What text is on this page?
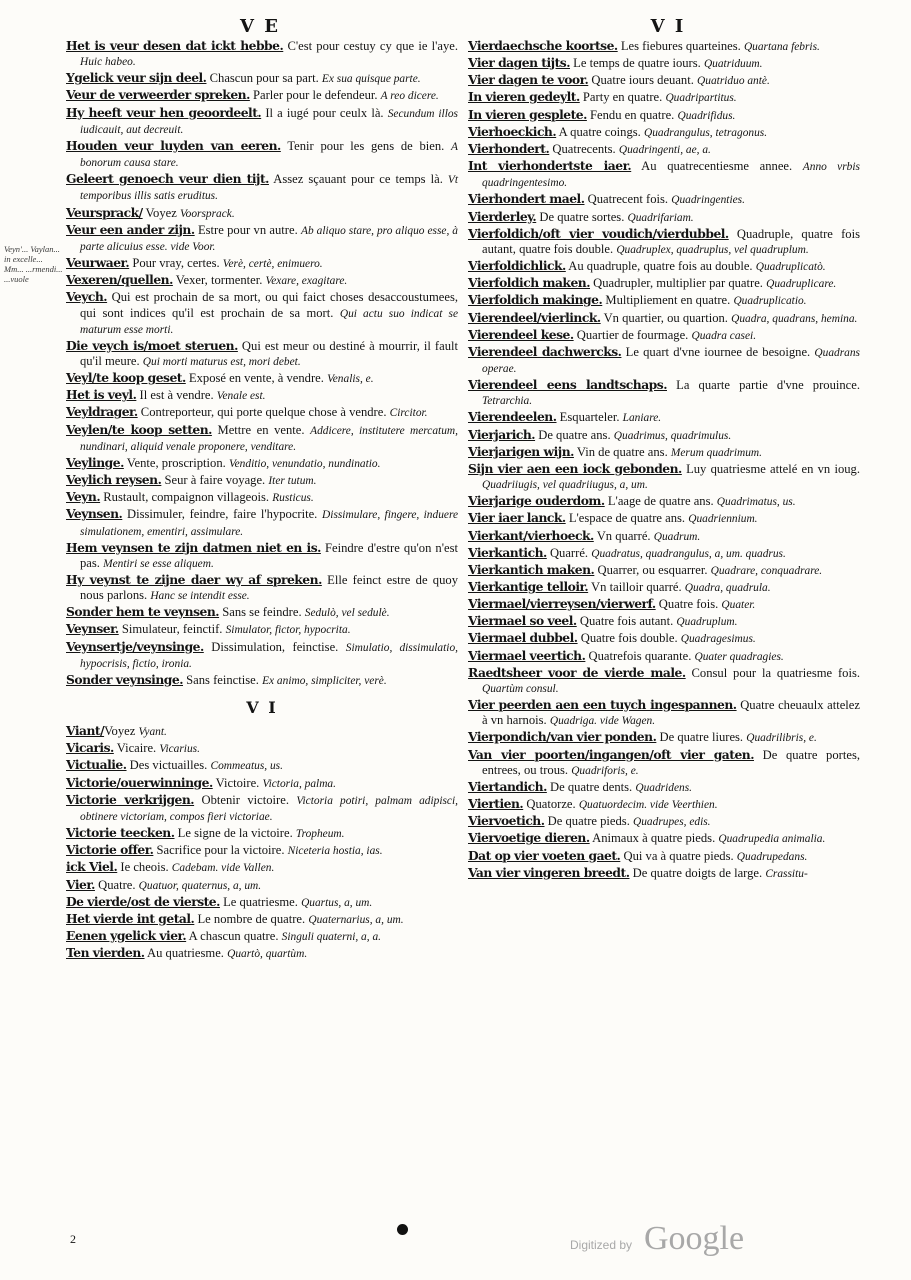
V E	V I
Veyn'... Vaylan... in excelle... Mm... ...rmendi... ...vuole

Het is veur desen dat ickt hebbe. C'est pour cestuy cy que ie l'aye. Huic habeo.

Ygelick veur sijn deel. Chascun pour sa part. Ex sua quisque parte.

Veur de verweerder spreken. Parler pour le defendeur. A reo dicere.

Hy heeft veur hen geoordeelt. Il a iugé pour ceulx là. Secundum illos iudicauit, aut decreuit.

Houden veur luyden van eeren. Tenir pour les gens de bien. A bonorum causa stare.

Geleert genoech veur dien tijt. Assez sçauant pour ce temps là. Vt temporibus illis satis eruditus.

Veursprack/ Voyez Voorsprack.

Veur een ander zijn. Estre pour vn autre. Ab aliquo stare, pro aliquo esse, à parte alicuius esse. vide Voor.

Veurwaer. Pour vray, certes. Verè, certè, enimuero.

Vexeren/quellen. Vexer, tormenter. Vexare, exagitare.

Veych. Qui est prochain de sa mort, ou qui faict choses desaccoustumees, qui sont indices qu'il est prochain de sa mort. Qui actu suo indicat se maturum esse morti.

Die veych is/moet steruen. Qui est meur ou destiné à mourrir, il fault qu'il meure. Qui morti maturus est, mori debet.

Veyl/te koop geset. Exposé en vente, à vendre. Venalis, e.

Het is veyl. Il est à vendre. Venale est.

Veyldrager. Contreporteur, qui porte quelque chose à vendre. Circitor.

Veylen/te koop setten. Mettre en vente. Addicere, institutere mercatum, nundinari, aliquid venale proponere, venditare.

Veylinge. Vente, proscription. Venditio, venundatio, nundinatio.

Veylich reysen. Seur à faire voyage. Iter tutum.

Veyn. Rustault, compaignon villageois. Rusticus.

Veynsen. Dissimuler, feindre, faire l'hypocrite. Dissimulare, fingere, induere simulationem, ementiri, assimulare.

Hem veynsen te zijn datmen niet en is. Feindre d'estre qu'on n'est pas. Mentiri se esse aliquem.

Hy veynst te zijne daer wy af spreken. Elle feinct estre de quoy nous parlons. Hanc se intendit esse.

Sonder hem te veynsen. Sans se feindre. Sedulò, vel sedulè.

Veynser. Simulateur, feinctif. Simulator, fictor, hypocrita.

Veynsertje/veynsinge. Dissimulation, feinctise. Simulatio, dissimulatio, hypocrisis, fictio, ironia.

Sonder veynsinge. Sans feinctise. Ex animo, simpliciter, verè.

V I

Viant/Voyez Vyant.

Vicaris. Vicaire. Vicarius.

Victualie. Des victuailles. Commeatus, us.

Victorie/ouerwinninge. Victoire. Victoria, palma.

Victorie verkrijgen. Obtenir victoire. Victoria potiri, palmam adipisci, obtinere victoriam, compos fieri victoriae.

Victorie teecken. Le signe de la victoire. Tropheum.

Victorie offer. Sacrifice pour la victoire. Niceteria hostia, ias.

ick Viel. Ie cheois. Cadebam. vide Vallen.

Vier. Quatre. Quatuor, quaternus, a, um.

De vierde/ost de vierste. Le quatriesme. Quartus, a, um.

Het vierde int getal. Le nombre de quatre. Quaternarius, a, um.

Eenen ygelick vier. A chascun quatre. Singuli quaterni, a, a.

Ten vierden. Au quatriesme. Quartò, quartùm.

Vierdaechsche koortse. Les fiebures quarteines. Quartana febris.

Vier dagen tijts. Le temps de quatre iours. Quatriduum.

Vier dagen te voor. Quatre iours deuant. Quatriduo antè.

In vieren gedeylt. Party en quatre. Quadripartitus.

In vieren gesplete. Fendu en quatre. Quadrifidus.

Vierhoeckich. A quatre coings. Quadrangulus, tetragonus.

Vierhondert. Quatrecents. Quadringenti, ae, a.

Int vierhondertste iaer. Au quatrecentiesme annee. Anno vrbis quadringentesimo.

Vierhondert mael. Quatrecent fois. Quadringenties.

Vierderley. De quatre sortes. Quadrifariam.

Vierfoldich/oft vier voudich/vierdubbel. Quadruple, quatre fois autant, quatre fois double. Quadruplex, quadruplus, vel quadruplum.

Vierfoldichlick. Au quadruple, quatre fois au double. Quadruplicatò.

Vierfoldich maken. Quadrupler, multiplier par quatre. Quadruplicare.

Vierfoldich makinge. Multipliement en quatre. Quadruplicatio.

Vierendeel/vierlinck. Vn quartier, ou quartion. Quadra, quadrans, hemina.

Vierendeel kese. Quartier de fourmage. Quadra casei.

Vierendeel dachwercks. Le quart d'vne iournee de besoigne. Quadrans operae.

Vierendeel eens landtschaps. La quarte partie d'vne prouince. Tetrarchia.

Vierendeelen. Esquarteler. Laniare.

Vierjarich. De quatre ans. Quadrimus, quadrimulus.

Vierjarigen wijn. Vin de quatre ans. Merum quadrimum.

Sijn vier aen een iock gebonden. Luy quatriesme attelé en vn ioug. Quadriiugis, vel quadriiugus, a, um.

Vierjarige ouderdom. L'aage de quatre ans. Quadrimatus, us.

Vier iaer lanck. L'espace de quatre ans. Quadriennium.

Vierkant/vierhoeck. Vn quarré. Quadrum.

Vierkantich. Quarré. Quadratus, quadrangulus, a, um. quadrus.

Vierkantich maken. Quarrer, ou esquarrer. Quadrare, conquadrare.

Vierkantige telloir. Vn tailloir quarré. Quadra, quadrula.

Viermael/vierreysen/vierwerf. Quatre fois. Quater.

Viermael so veel. Quatre fois autant. Quadruplum.

Viermael dubbel. Quatre fois double. Quadragesimus.

Viermael veertich. Quatrefois quarante. Quater quadragies.

Raedtsheer voor de vierde male. Consul pour la quatriesme fois. Quartùm consul.

Vier peerden aen een tuych ingespannen. Quatre cheuaulx attelez à vn harnois. Quadriga. vide Wagen.

Vierpondich/van vier ponden. De quatre liures. Quadrilibris, e.

Van vier poorten/ingangen/oft vier gaten. De quatre portes, entrees, ou trous. Quadriforis, e.

Viertandich. De quatre dents. Quadridens.

Viertien. Quatorze. Quatuordecim. vide Veerthien.

Viervoetich. De quatre pieds. Quadrupes, edis.

Viervoetige dieren. Animaux à quatre pieds. Quadrupedia animalia.

Dat op vier voeten gaet. Qui va à quatre pieds. Quadrupedans.

Van vier vingeren breedt. De quatre doigts de large. Crassitu-

2	Digitized by Google
